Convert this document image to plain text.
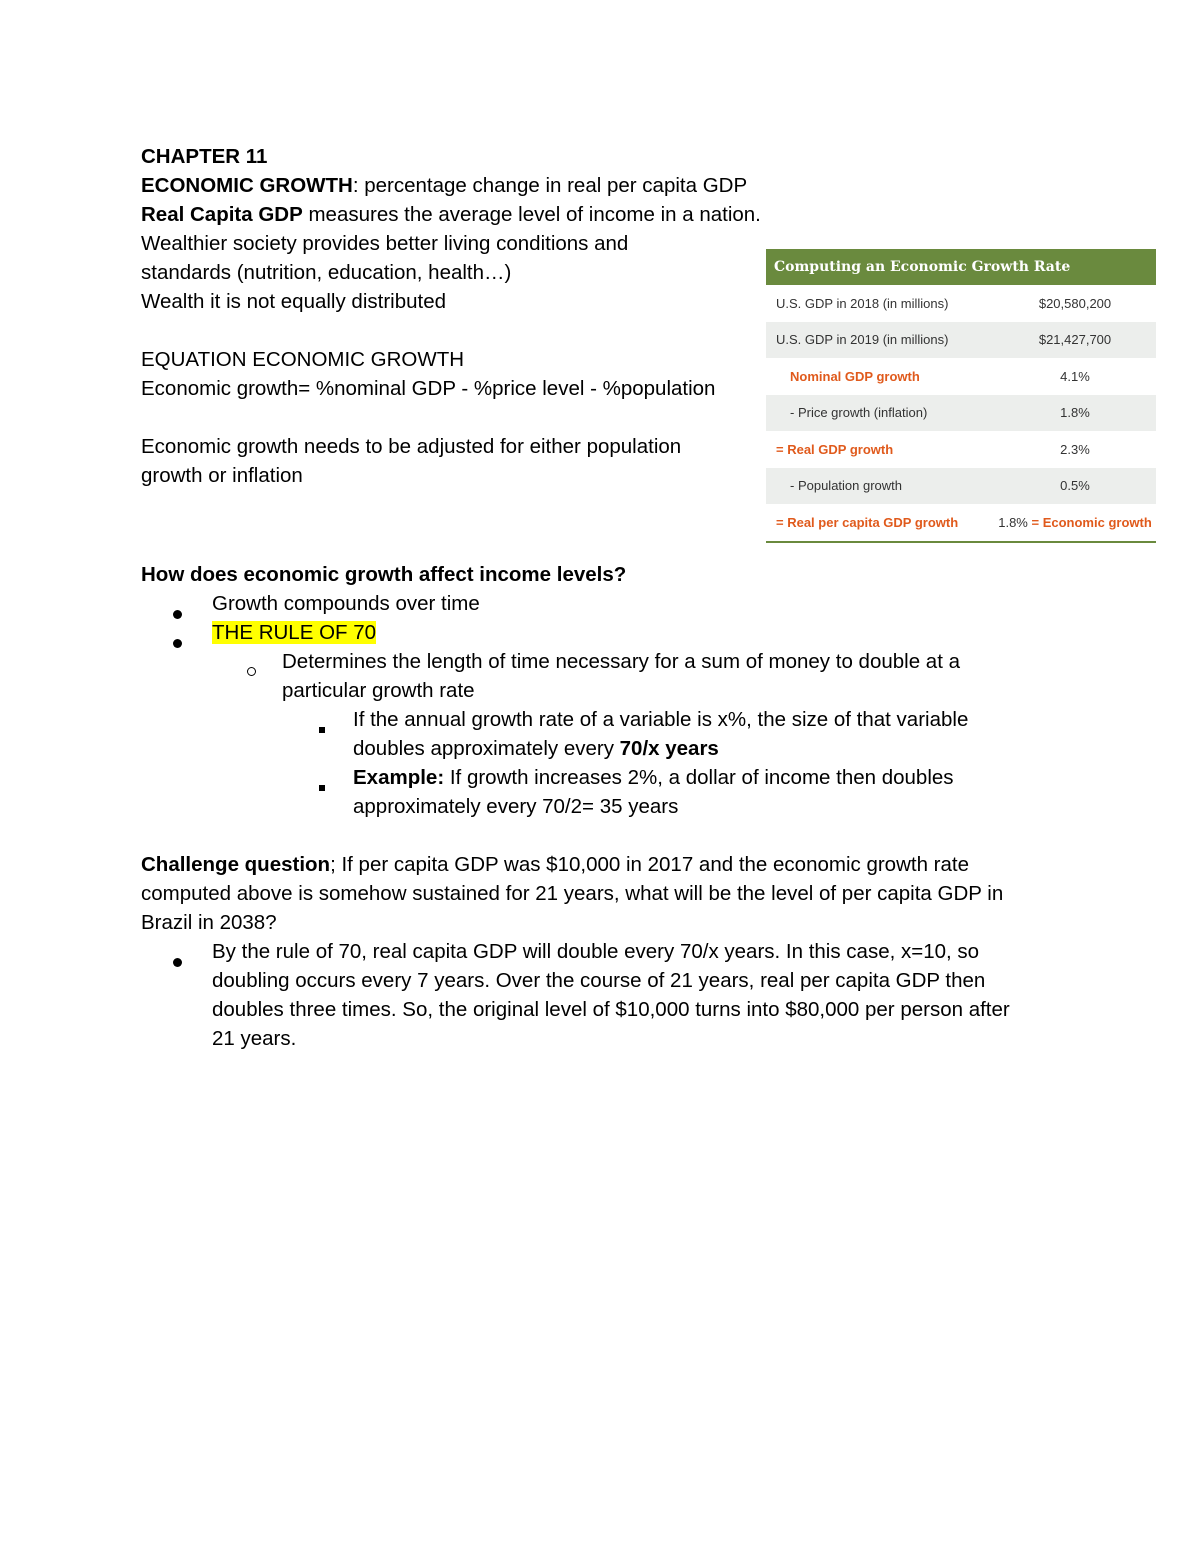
CHAPTER 11
ECONOMIC GROWTH: percentage change in real per capita GDP
Real Capita GDP measures the average level of income in a nation.
Wealthier society provides better living conditions and
standards (nutrition, education, health…)
Wealth it is not equally distributed
EQUATION ECONOMIC GROWTH
Economic growth= %nominal GDP - %price level - %population
Economic growth needs to be adjusted for either population
growth or inflation
How does economic growth affect income levels?
Growth compounds over time
THE RULE OF 70
Determines the length of time necessary for a sum of money to double at a
particular growth rate
If the annual growth rate of a variable is x%, the size of that variable
doubles approximately every 70/x years
Example: If growth increases 2%, a dollar of income then doubles
approximately every 70/2= 35 years
Challenge question; If per capita GDP was $10,000 in 2017 and the economic growth rate
computed above is somehow sustained for 21 years, what will be the level of per capita GDP in
Brazil in 2038?
By the rule of 70, real capita GDP will double every 70/x years. In this case, x=10, so
doubling occurs every 7 years. Over the course of 21 years, real per capita GDP then
doubles three times. So, the original level of $10,000 turns into $80,000 per person after
21 years.
Computing an Economic Growth Rate
U.S. GDP in 2018 (in millions)	$20,580,200
U.S. GDP in 2019 (in millions)	$21,427,700
Nominal GDP growth	4.1%
- Price growth (inflation)	1.8%
= Real GDP growth	2.3%
- Population growth	0.5%
= Real per capita GDP growth	1.8% = Economic growth
